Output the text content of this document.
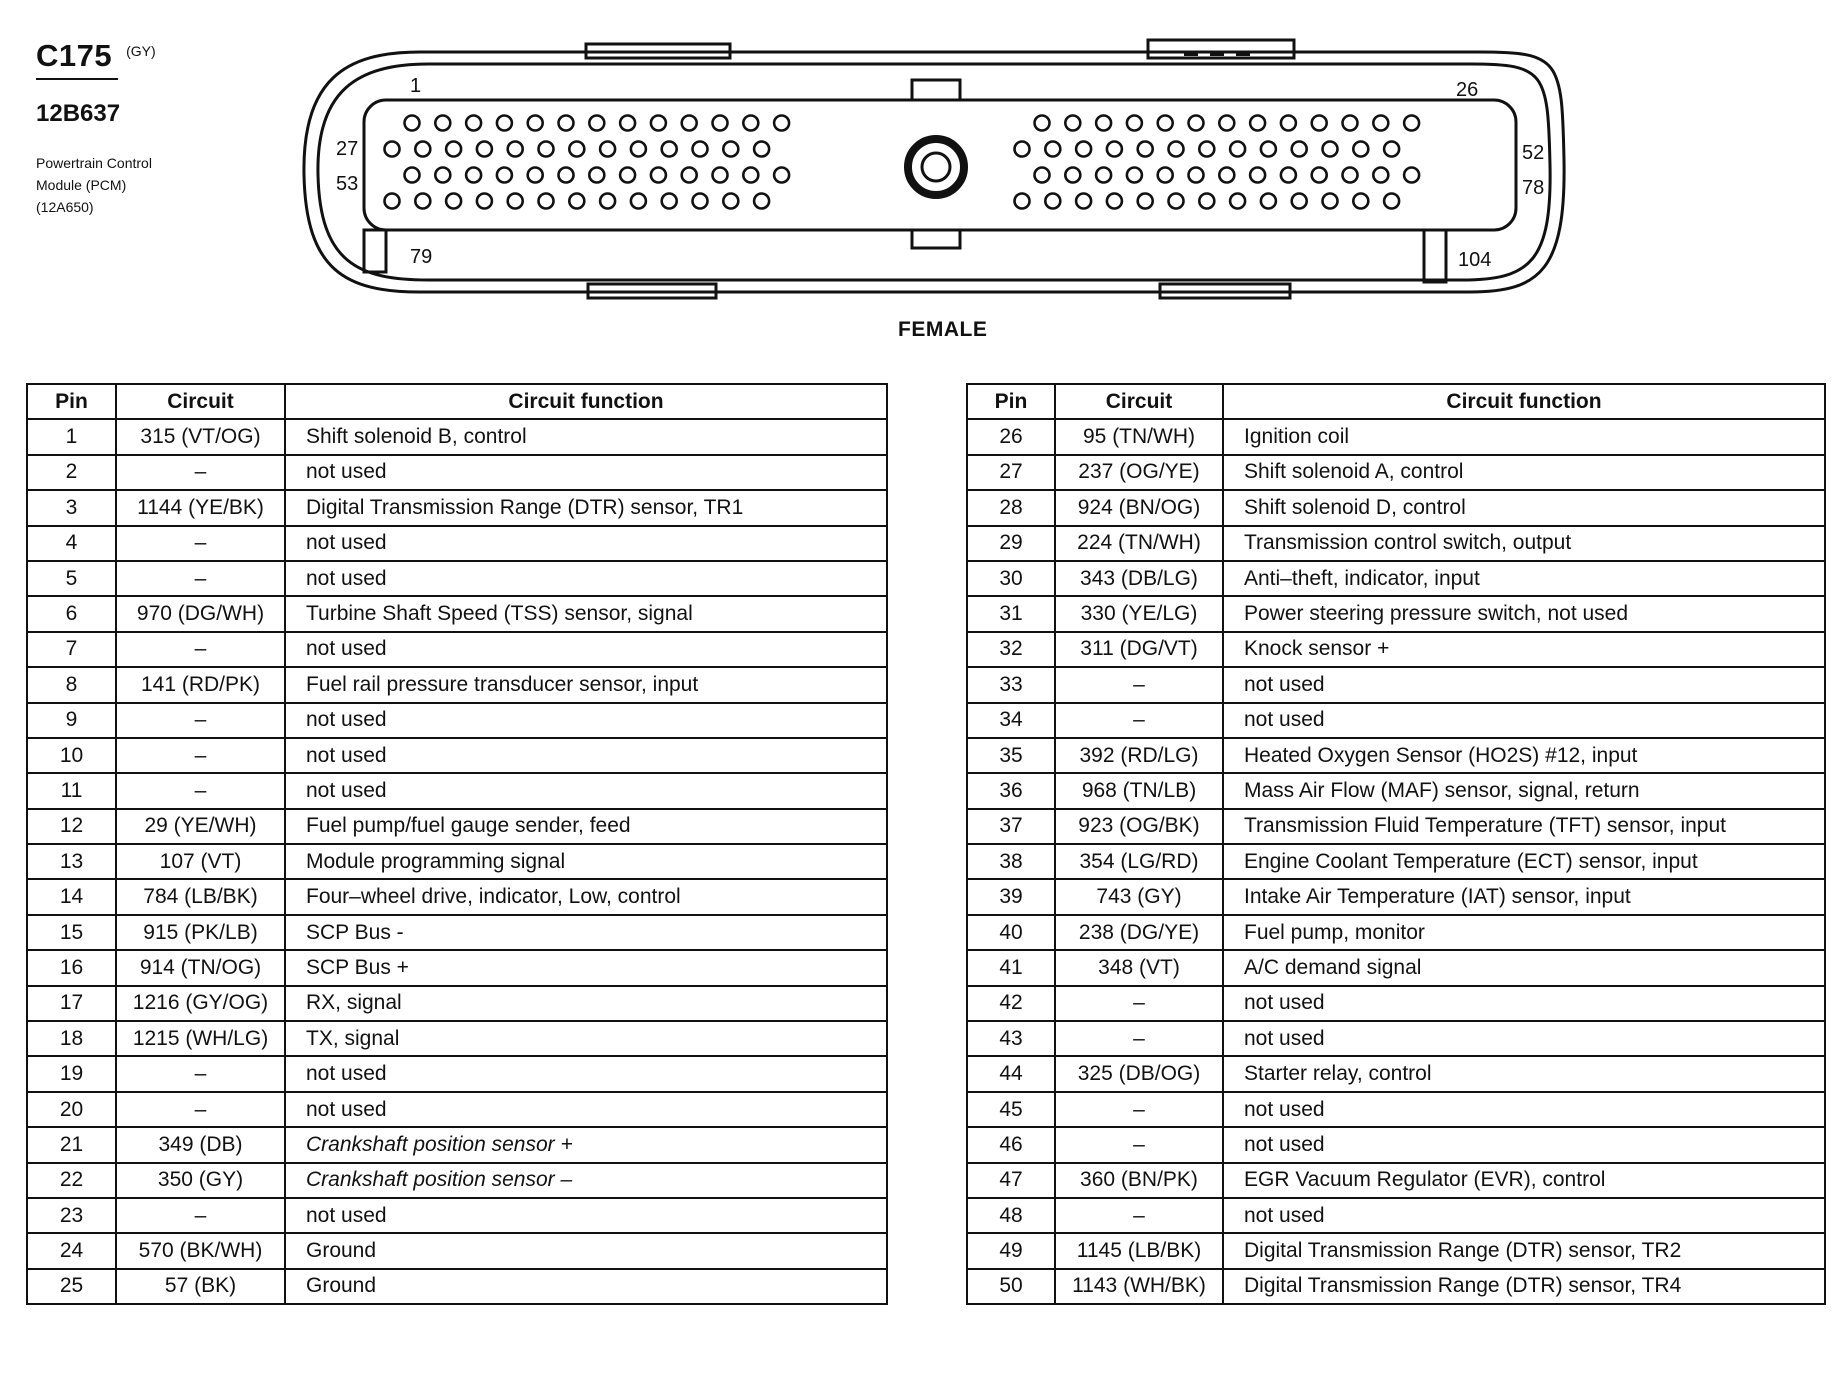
C175 (GY)
12B637
Powertrain Control
Module (PCM)
(12A650)
1	26
27
53
52
78
79	104
FEMALE
Pin	Circuit	Circuit function
1	315 (VT/OG)	Shift solenoid B, control
2	–	not used
3	1144 (YE/BK)	Digital Transmission Range (DTR) sensor, TR1
4	–	not used
5	–	not used
6	970 (DG/WH)	Turbine Shaft Speed (TSS) sensor, signal
7	–	not used
8	141 (RD/PK)	Fuel rail pressure transducer sensor, input
9	–	not used
10	–	not used
11	–	not used
12	29 (YE/WH)	Fuel pump/fuel gauge sender, feed
13	107 (VT)	Module programming signal
14	784 (LB/BK)	Four–wheel drive, indicator, Low, control
15	915 (PK/LB)	SCP Bus -
16	914 (TN/OG)	SCP Bus +
17	1216 (GY/OG)	RX, signal
18	1215 (WH/LG)	TX, signal
19	–	not used
20	–	not used
21	349 (DB)	Crankshaft position sensor +
22	350 (GY)	Crankshaft position sensor –
23	–	not used
24	570 (BK/WH)	Ground
25	57 (BK)	Ground
Pin	Circuit	Circuit function
26	95 (TN/WH)	Ignition coil
27	237 (OG/YE)	Shift solenoid A, control
28	924 (BN/OG)	Shift solenoid D, control
29	224 (TN/WH)	Transmission control switch, output
30	343 (DB/LG)	Anti–theft, indicator, input
31	330 (YE/LG)	Power steering pressure switch, not used
32	311 (DG/VT)	Knock sensor +
33	–	not used
34	–	not used
35	392 (RD/LG)	Heated Oxygen Sensor (HO2S) #12, input
36	968 (TN/LB)	Mass Air Flow (MAF) sensor, signal, return
37	923 (OG/BK)	Transmission Fluid Temperature (TFT) sensor, input
38	354 (LG/RD)	Engine Coolant Temperature (ECT) sensor, input
39	743 (GY)	Intake Air Temperature (IAT) sensor, input
40	238 (DG/YE)	Fuel pump, monitor
41	348 (VT)	A/C demand signal
42	–	not used
43	–	not used
44	325 (DB/OG)	Starter relay, control
45	–	not used
46	–	not used
47	360 (BN/PK)	EGR Vacuum Regulator (EVR), control
48	–	not used
49	1145 (LB/BK)	Digital Transmission Range (DTR) sensor, TR2
50	1143 (WH/BK)	Digital Transmission Range (DTR) sensor, TR4
